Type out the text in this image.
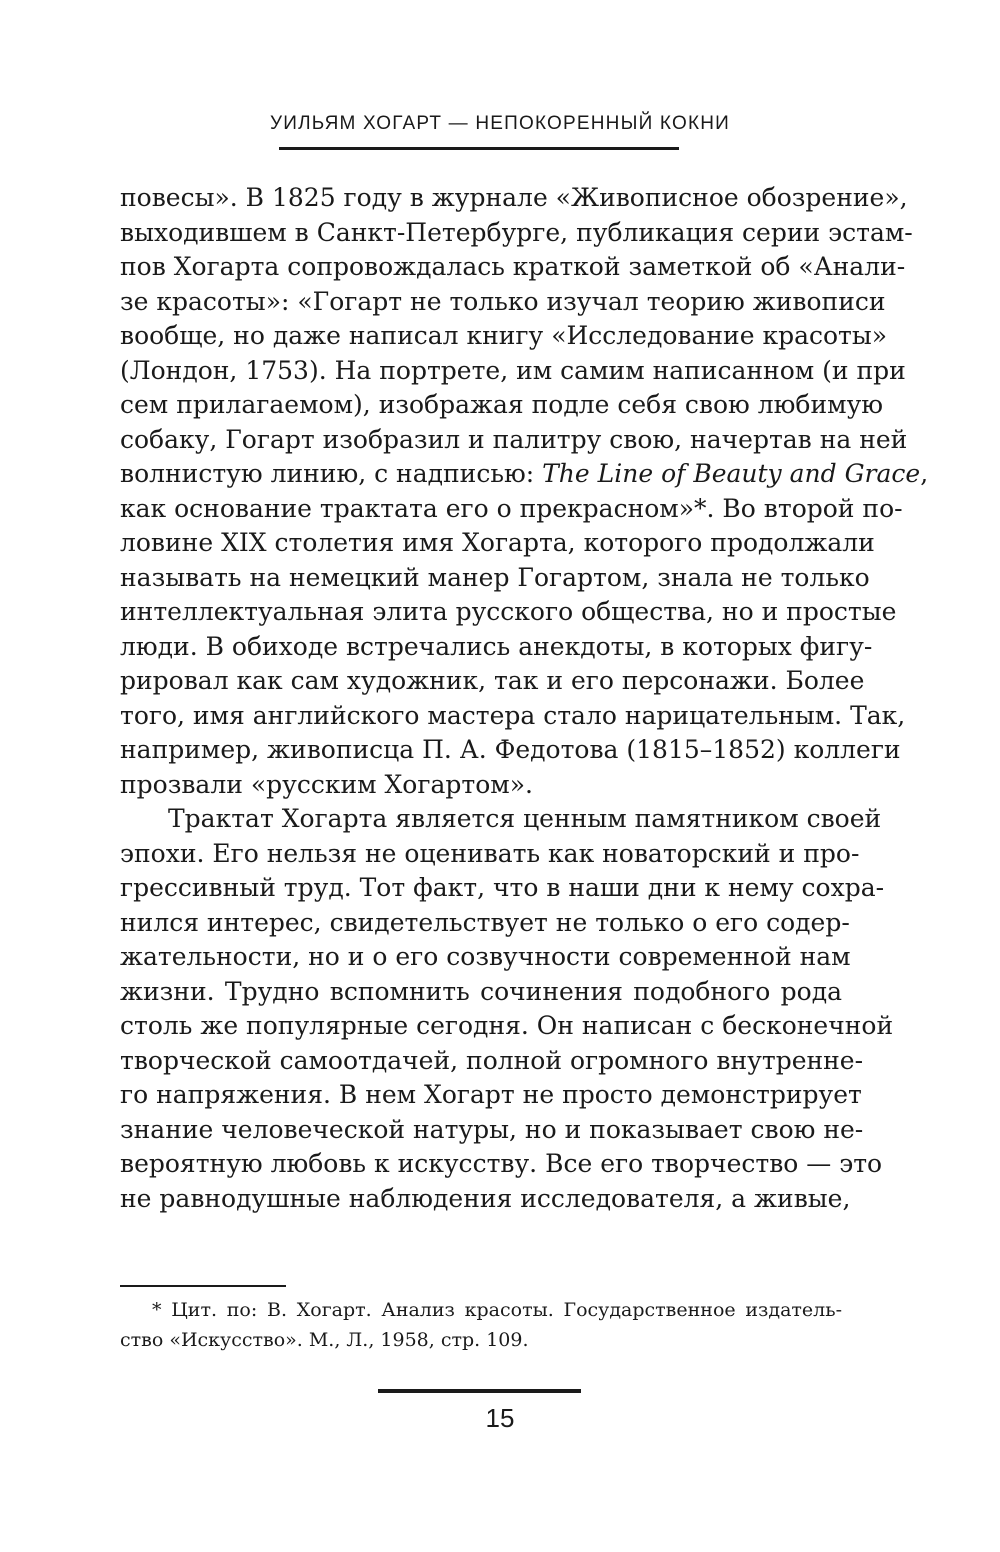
УИЛЬЯМ ХОГАРТ — НЕПОКОРЕННЫЙ КОКНИ
повесы». В 1825 году в журнале «Живописное обозрение»,
выходившем в Санкт-Петербурге, публикация серии эстам-
пов Хогарта сопровождалась краткой заметкой об «Анали-
зе красоты»: «Гогарт не только изучал теорию живописи
вообще, но даже написал книгу «Исследование красоты»
(Лондон, 1753). На портрете, им самим написанном (и при
сем прилагаемом), изображая подле себя свою любимую
собаку, Гогарт изобразил и палитру свою, начертав на ней
волнистую линию, с надписью: The Line of Beauty and Grace,
как основание трактата его о прекрасном»*. Во второй по-
ловине XIX столетия имя Хогарта, которого продолжали
называть на немецкий манер Гогартом, знала не только
интеллектуальная элита русского общества, но и простые
люди. В обиходе встречались анекдоты, в которых фигу-
рировал как сам художник, так и его персонажи. Более
того, имя английского мастера стало нарицательным. Так,
например, живописца П. А. Федотова (1815–1852) коллеги
прозвали «русским Хогартом».
Трактат Хогарта является ценным памятником своей
эпохи. Его нельзя не оценивать как новаторский и про-
грессивный труд. Тот факт, что в наши дни к нему сохра-
нился интерес, свидетельствует не только о его содер-
жательности, но и о его созвучности современной нам
жизни. Трудно вспомнить сочинения подобного рода
столь же популярные сегодня. Он написан с бесконечной
творческой самоотдачей, полной огромного внутренне-
го напряжения. В нем Хогарт не просто демонстрирует
знание человеческой натуры, но и показывает свою не-
вероятную любовь к искусству. Все его творчество — это
не равнодушные наблюдения исследователя, а живые,
* Цит. по: В. Хогарт. Анализ красоты. Государственное издатель-
ство «Искусство». М., Л., 1958, стр. 109.
15
